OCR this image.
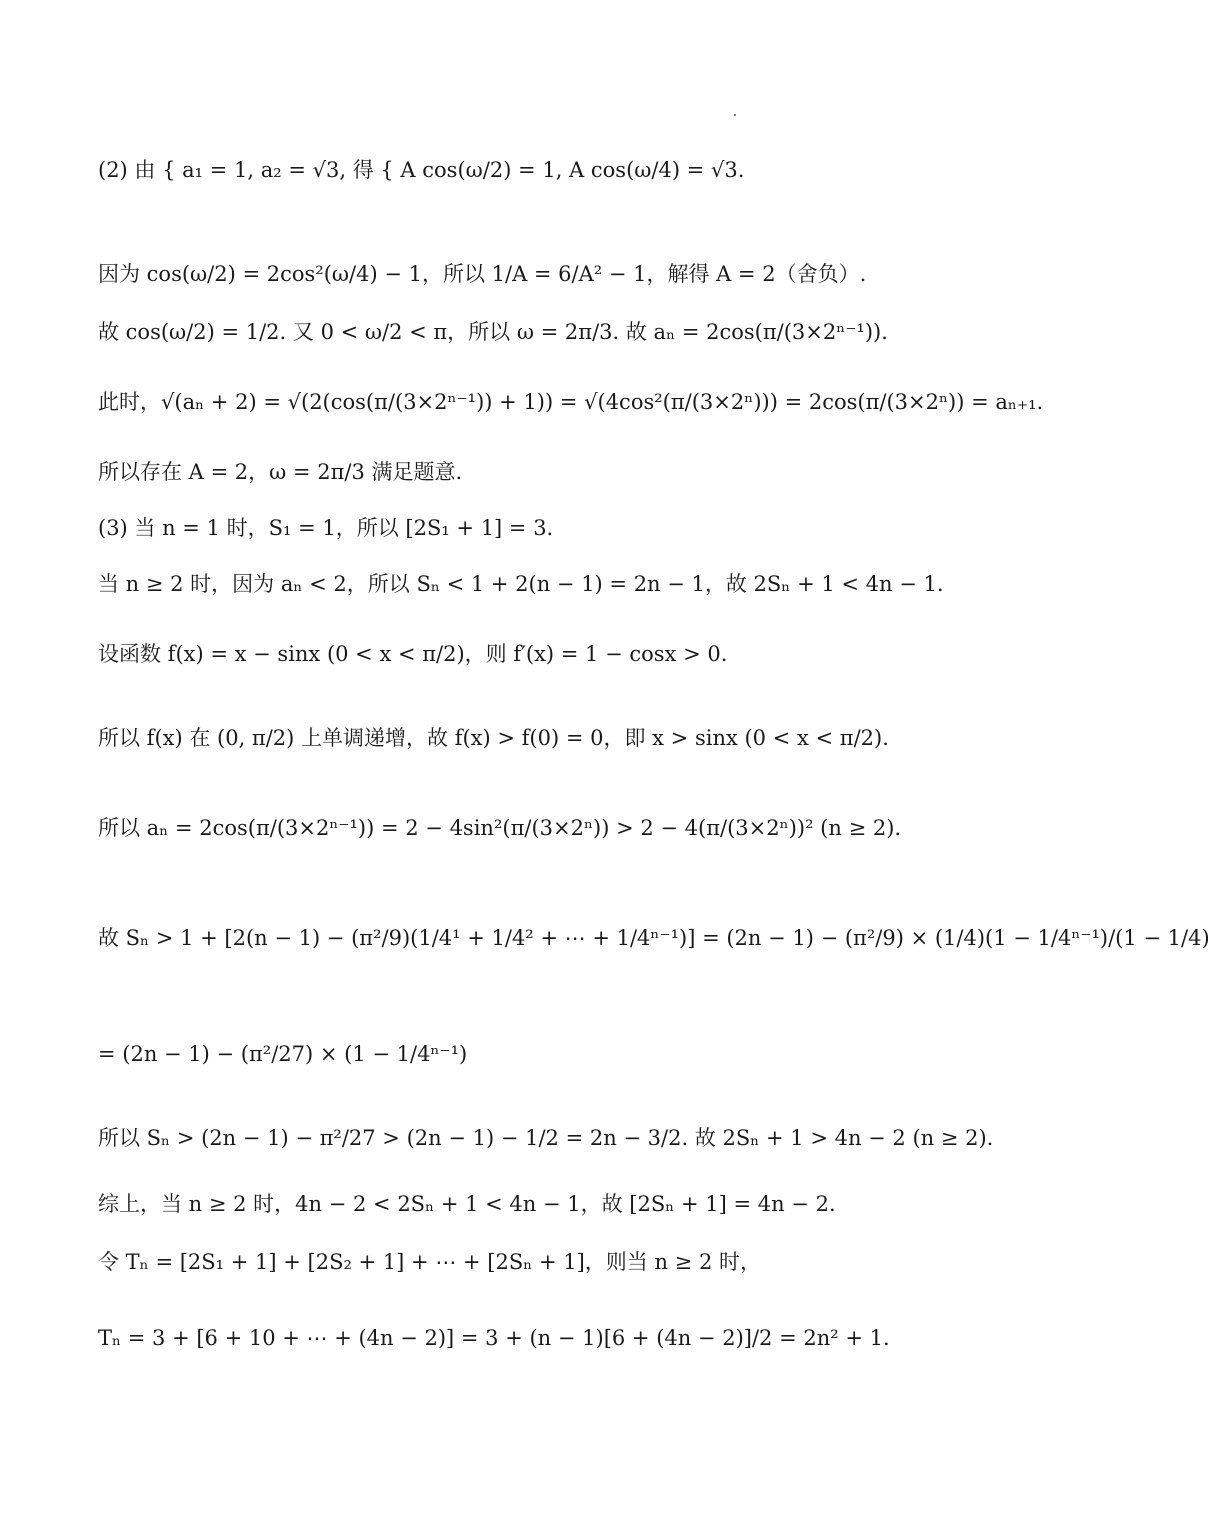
(2) 由 { a₁ = 1, a₂ = √3, 得 { A cos(ω/2) = 1, A cos(ω/4) = √3.
因为 cos(ω/2) = 2cos²(ω/4) − 1，所以 1/A = 6/A² − 1，解得 A = 2（舍负）.
故 cos(ω/2) = 1/2. 又 0 < ω/2 < π，所以 ω = 2π/3. 故 aₙ = 2cos(π/(3×2ⁿ⁻¹)).
此时，√(aₙ + 2) = √(2(cos(π/(3×2ⁿ⁻¹)) + 1)) = √(4cos²(π/(3×2ⁿ))) = 2cos(π/(3×2ⁿ)) = aₙ₊₁.
所以存在 A = 2，ω = 2π/3 满足题意.
(3) 当 n = 1 时，S₁ = 1，所以 [2S₁ + 1] = 3.
当 n ≥ 2 时，因为 aₙ < 2，所以 Sₙ < 1 + 2(n − 1) = 2n − 1，故 2Sₙ + 1 < 4n − 1.
设函数 f(x) = x − sinx (0 < x < π/2)，则 f′(x) = 1 − cosx > 0.
所以 f(x) 在 (0, π/2) 上单调递增，故 f(x) > f(0) = 0，即 x > sinx (0 < x < π/2).
所以 aₙ = 2cos(π/(3×2ⁿ⁻¹)) = 2 − 4sin²(π/(3×2ⁿ)) > 2 − 4(π/(3×2ⁿ))² (n ≥ 2).
故 Sₙ > 1 + [2(n − 1) − (π²/9)(1/4¹ + 1/4² + ⋯ + 1/4ⁿ⁻¹)] = (2n − 1) − (π²/9) × (1/4)(1 − 1/4ⁿ⁻¹)/(1 − 1/4)
= (2n − 1) − (π²/27) × (1 − 1/4ⁿ⁻¹)
所以 Sₙ > (2n − 1) − π²/27 > (2n − 1) − 1/2 = 2n − 3/2. 故 2Sₙ + 1 > 4n − 2 (n ≥ 2).
综上，当 n ≥ 2 时，4n − 2 < 2Sₙ + 1 < 4n − 1，故 [2Sₙ + 1] = 4n − 2.
令 Tₙ = [2S₁ + 1] + [2S₂ + 1] + ⋯ + [2Sₙ + 1]，则当 n ≥ 2 时，
Tₙ = 3 + [6 + 10 + ⋯ + (4n − 2)] = 3 + (n − 1)[6 + (4n − 2)]/2 = 2n² + 1.
